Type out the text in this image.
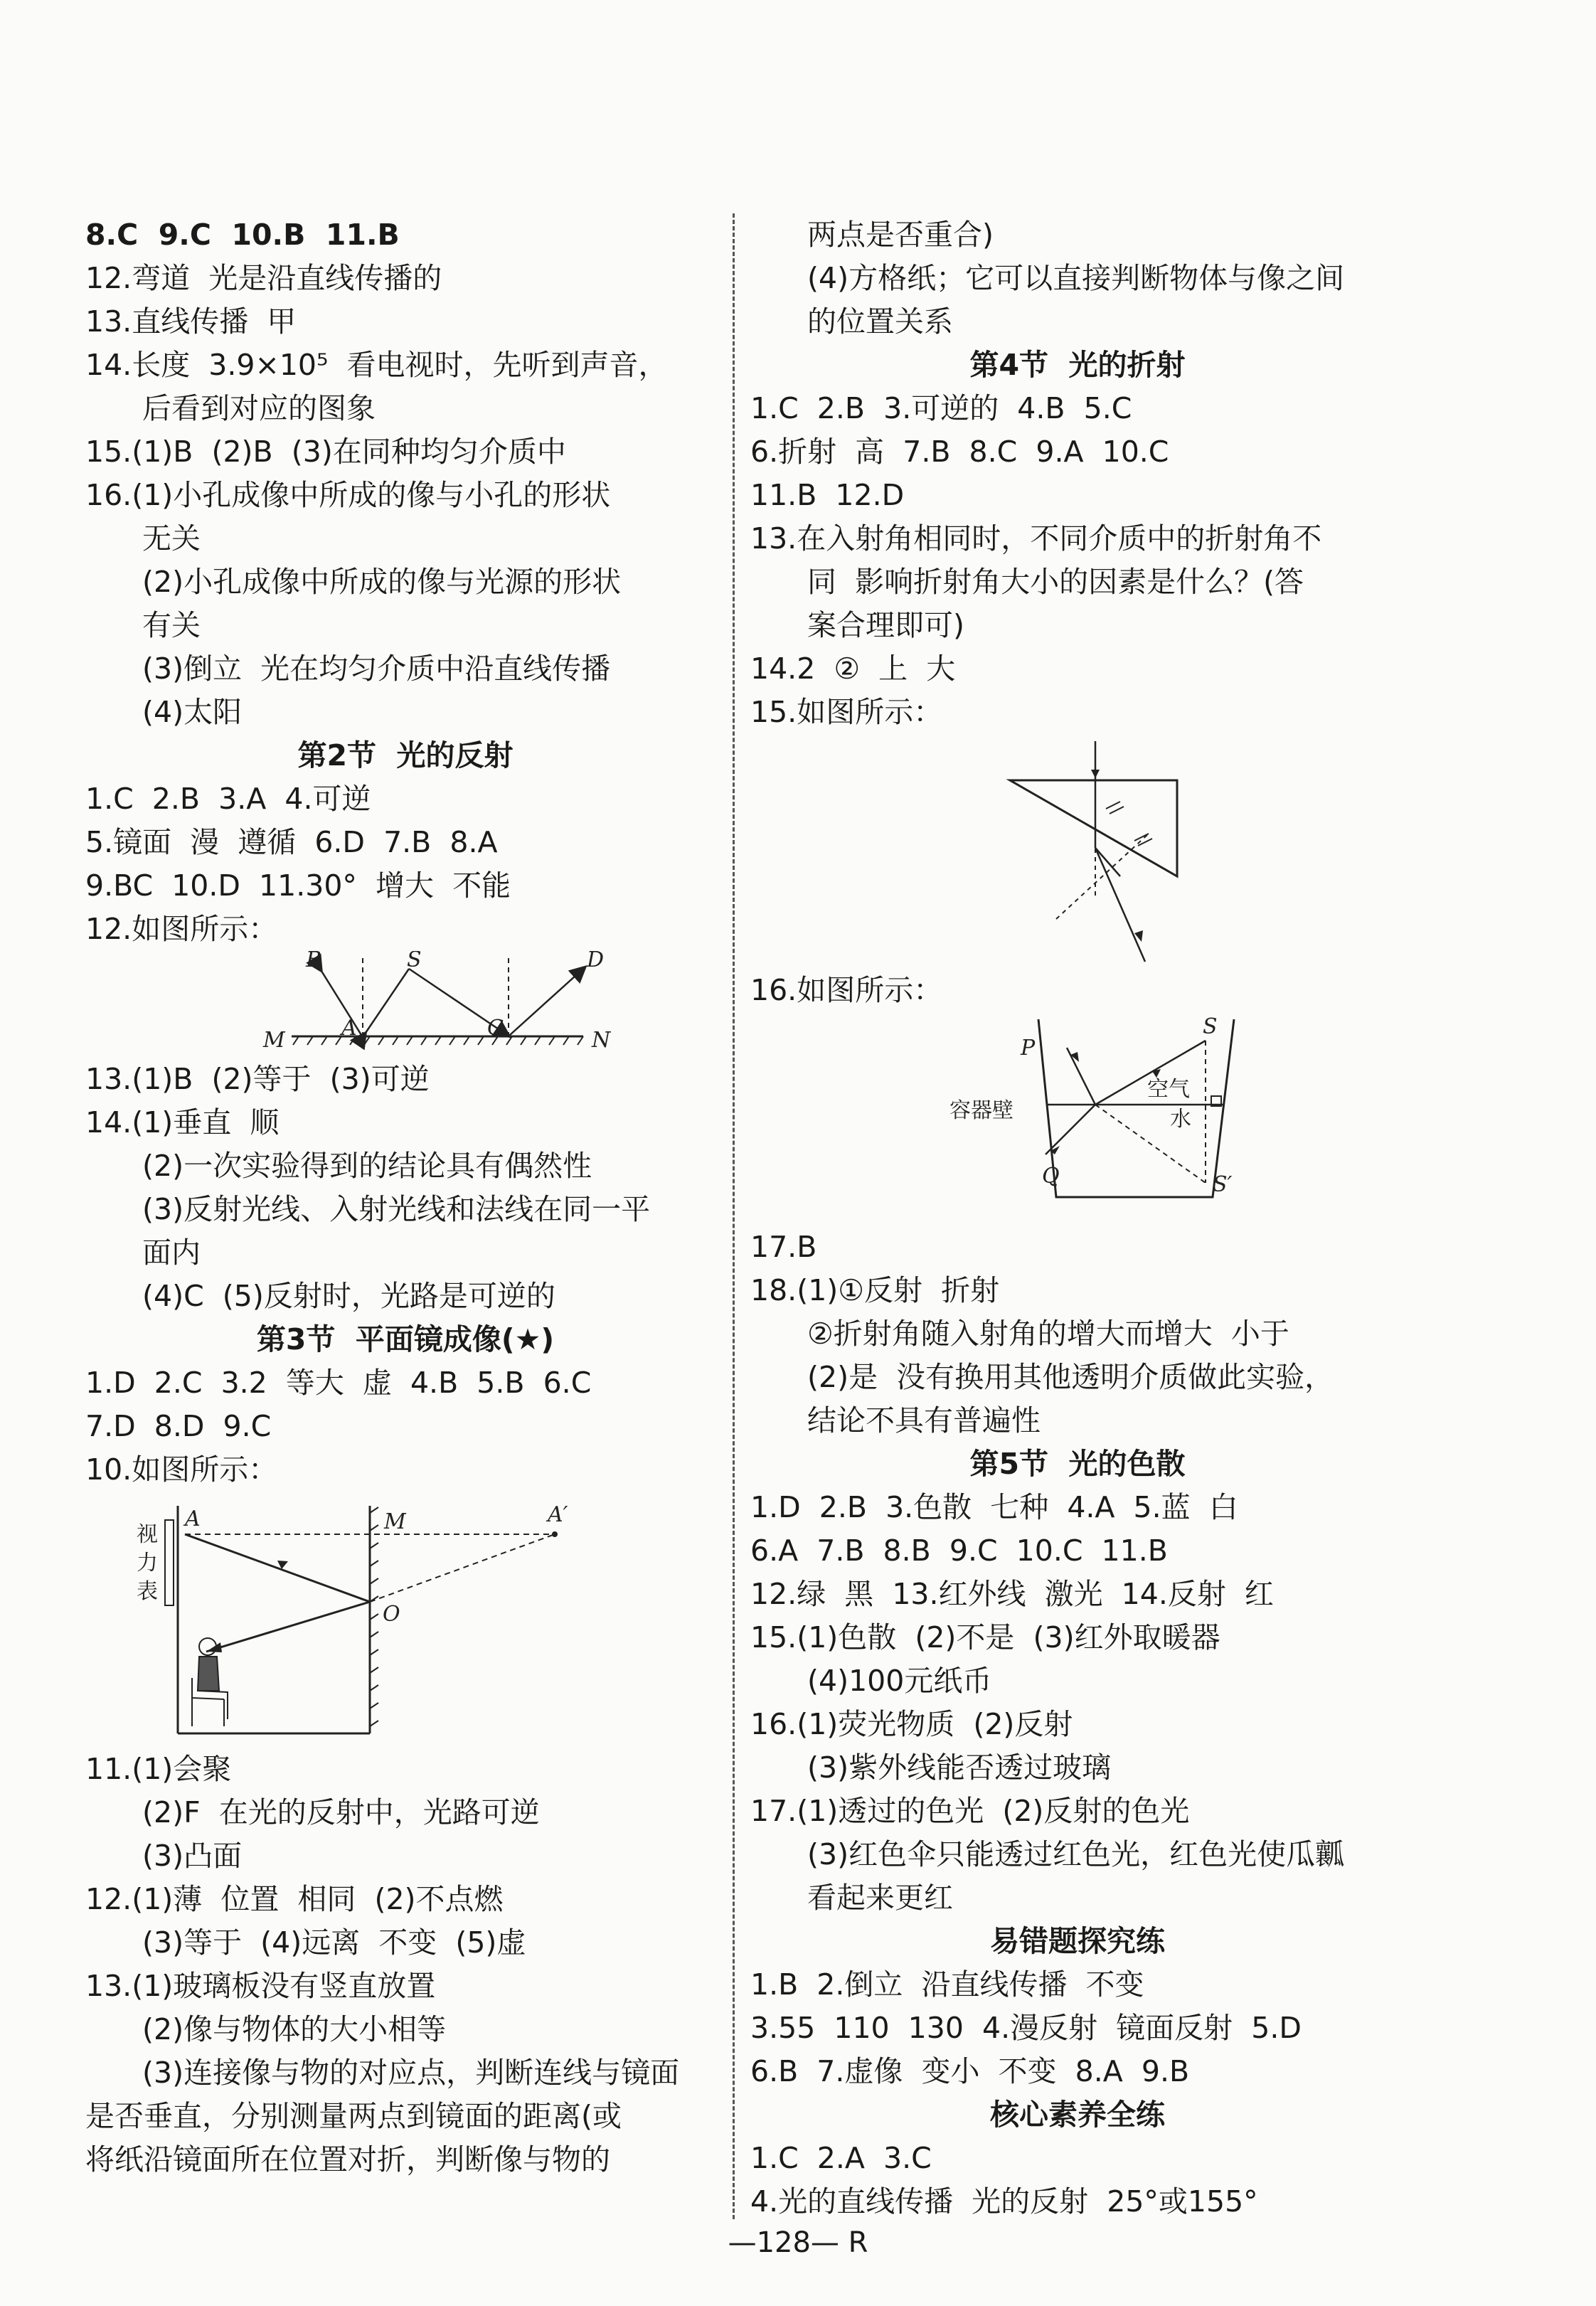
8.C  9.C  10.B  11.B
12.弯道  光是沿直线传播的
13.直线传播  甲
14.长度  3.9×10⁵  看电视时，先听到声音，
后看到对应的图象
15.(1)B  (2)B  (3)在同种均匀介质中
16.(1)小孔成像中所成的像与小孔的形状
无关
(2)小孔成像中所成的像与光源的形状
有关
(3)倒立  光在均匀介质中沿直线传播
(4)太阳
第2节  光的反射
1.C  2.B  3.A  4.可逆
5.镜面  漫  遵循  6.D  7.B  8.A
9.BC  10.D  11.30°  增大  不能
12.如图所示：
B	S	D
M	A	C	N
13.(1)B  (2)等于  (3)可逆
14.(1)垂直  顺
(2)一次实验得到的结论具有偶然性
(3)反射光线、入射光线和法线在同一平
面内
(4)C  (5)反射时，光路是可逆的
第3节  平面镜成像(★)
1.D  2.C  3.2  等大  虚  4.B  5.B  6.C
7.D  8.D  9.C
10.如图所示：
视
力
表
A	M	A′
O
11.(1)会聚
(2)F  在光的反射中，光路可逆
(3)凸面
12.(1)薄  位置  相同  (2)不点燃
(3)等于  (4)远离  不变  (5)虚
13.(1)玻璃板没有竖直放置
(2)像与物体的大小相等
(3)连接像与物的对应点，判断连线与镜面
是否垂直，分别测量两点到镜面的距离(或
将纸沿镜面所在位置对折，判断像与物的
两点是否重合)
(4)方格纸；它可以直接判断物体与像之间
的位置关系
第4节  光的折射
1.C  2.B  3.可逆的  4.B  5.C
6.折射  高  7.B  8.C  9.A  10.C
11.B  12.D
13.在入射角相同时，不同介质中的折射角不
同  影响折射角大小的因素是什么？(答
案合理即可)
14.2  ②  上  大
15.如图所示：
16.如图所示：
P
S
容器壁
空气
水
Q	S′
17.B
18.(1)①反射  折射
②折射角随入射角的增大而增大  小于
(2)是  没有换用其他透明介质做此实验，
结论不具有普遍性
第5节  光的色散
1.D  2.B  3.色散  七种  4.A  5.蓝  白
6.A  7.B  8.B  9.C  10.C  11.B
12.绿  黑  13.红外线  激光  14.反射  红
15.(1)色散  (2)不是  (3)红外取暖器
(4)100元纸币
16.(1)荧光物质  (2)反射
(3)紫外线能否透过玻璃
17.(1)透过的色光  (2)反射的色光
(3)红色伞只能透过红色光，红色光使瓜瓤
看起来更红
易错题探究练
1.B  2.倒立  沿直线传播  不变
3.55  110  130  4.漫反射  镜面反射  5.D
6.B  7.虚像  变小  不变  8.A  9.B
核心素养全练
1.C  2.A  3.C
4.光的直线传播  光的反射  25°或155°
—128— R
